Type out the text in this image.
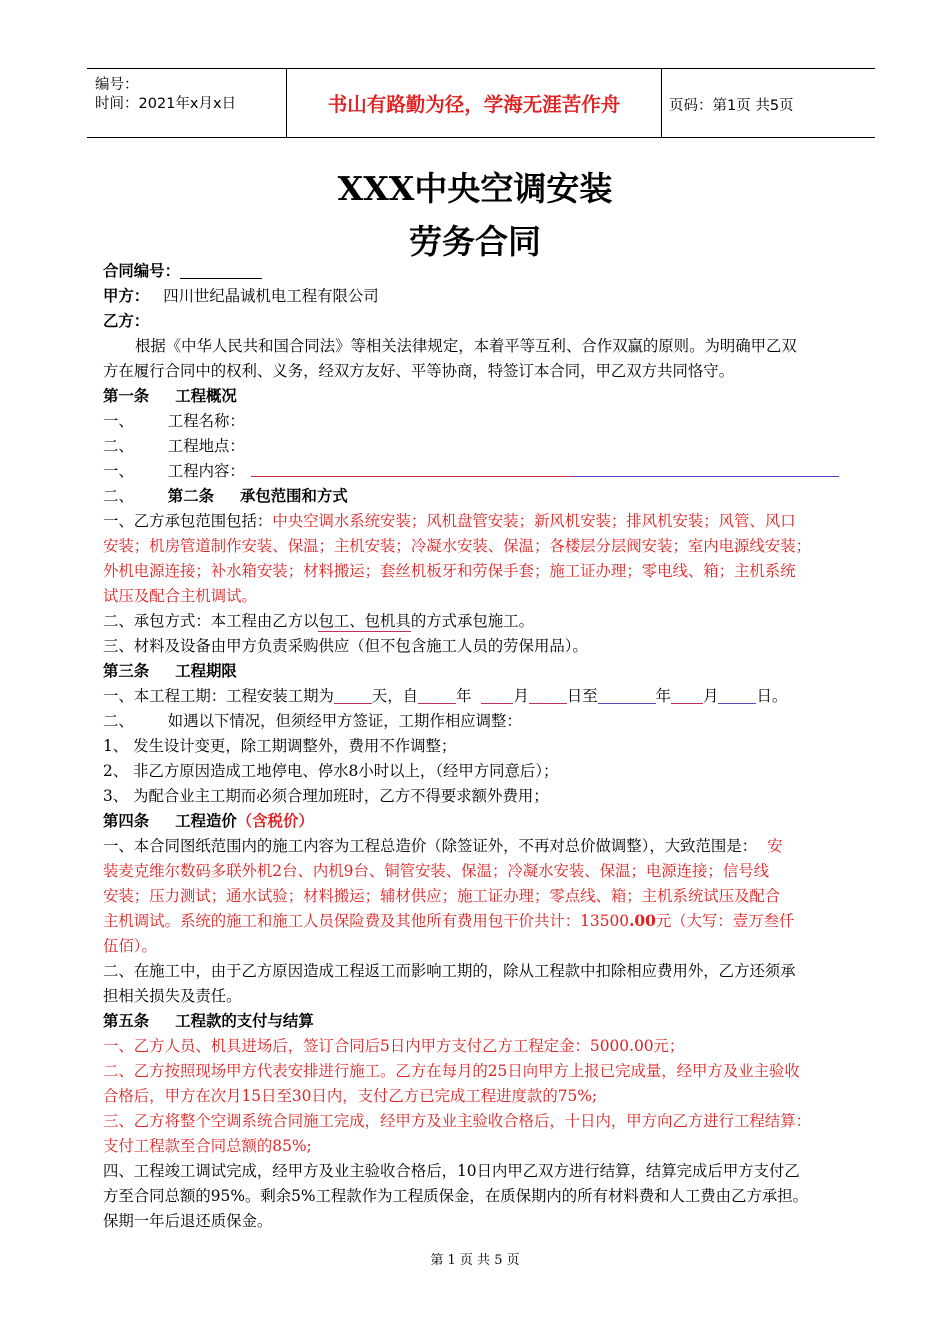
编号：
时间：2021年x月x日	书山有路勤为径，学海无涯苦作舟	页码：第1页 共5页
XXX中央空调安装
劳务合同
合同编号：
甲方： 四川世纪晶诚机电工程有限公司
乙方：
根据《中华人民共和国合同法》等相关法律规定，本着平等互利、合作双赢的原则。为明确甲乙双
方在履行合同中的权利、义务，经双方友好、平等协商，特签订本合同，甲乙双方共同恪守。
第一条 工程概况
一、 工程名称：
二、 工程地点：
一、 工程内容：
二、 第二条 承包范围和方式
一、乙方承包范围包括：中央空调水系统安装；风机盘管安装；新风机安装；排风机安装；风管、风口
安装；机房管道制作安装、保温；主机安装；冷凝水安装、保温；各楼层分层阀安装；室内电源线安装；
外机电源连接；补水箱安装；材料搬运；套丝机板牙和劳保手套；施工证办理；零电线、箱；主机系统
试压及配合主机调试。
二、承包方式：本工程由乙方以包工、包机具的方式承包施工。
三、材料及设备由甲方负责采购供应（但不包含施工人员的劳保用品）。
第三条 工程期限
一、本工程工期：工程安装工期为 天，自 年	月 日至	年 月 日。
二、 如遇以下情况，但须经甲方签证，工期作相应调整：
1、 发生设计变更，除工期调整外，费用不作调整；
2、 非乙方原因造成工地停电、停水8小时以上，（经甲方同意后）；
3、 为配合业主工期而必须合理加班时，乙方不得要求额外费用；
第四条 工程造价（含税价）
一、本合同图纸范围内的施工内容为工程总造价（除签证外，不再对总价做调整），大致范围是： 安
装麦克维尔数码多联外机2台、内机9台、铜管安装、保温；冷凝水安装、保温；电源连接；信号线
安装；压力测试；通水试验；材料搬运；辅材供应；施工证办理；零点线、箱；主机系统试压及配合
主机调试。系统的施工和施工人员保险费及其他所有费用包干价共计：13500.00元（大写：壹万叁仟
伍佰）。
二、在施工中，由于乙方原因造成工程返工而影响工期的，除从工程款中扣除相应费用外，乙方还须承
担相关损失及责任。
第五条 工程款的支付与结算
一、乙方人员、机具进场后，签订合同后5日内甲方支付乙方工程定金：5000.00元；
二、乙方按照现场甲方代表安排进行施工。乙方在每月的25日向甲方上报已完成量，经甲方及业主验收
合格后，甲方在次月15日至30日内，支付乙方已完成工程进度款的75%;
三、乙方将整个空调系统合同施工完成，经甲方及业主验收合格后，十日内，甲方向乙方进行工程结算：
支付工程款至合同总额的85%;
四、工程竣工调试完成，经甲方及业主验收合格后，10日内甲乙双方进行结算，结算完成后甲方支付乙
方至合同总额的95%。剩余5%工程款作为工程质保金，在质保期内的所有材料费和人工费由乙方承担。
保期一年后退还质保金。
第 1 页 共 5 页
